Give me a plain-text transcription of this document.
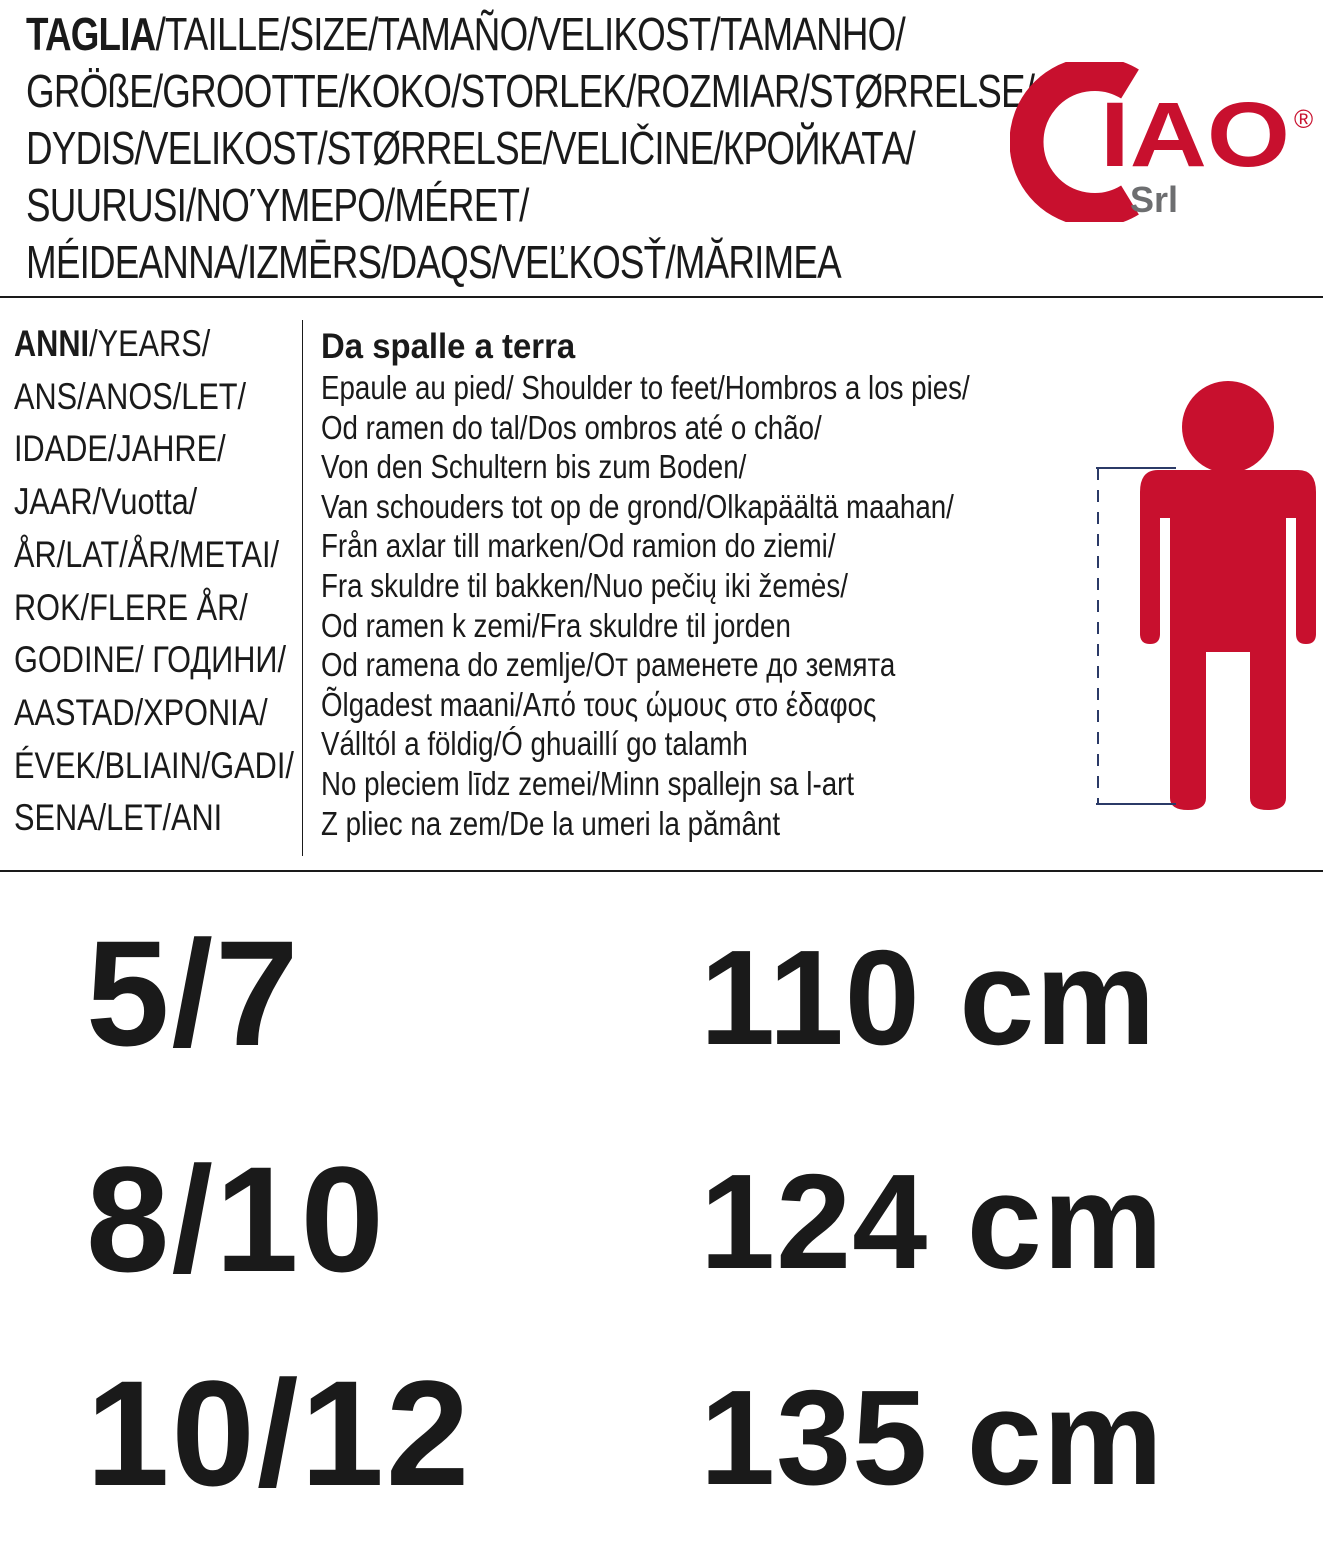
TAGLIA/TAILLE/SIZE/TAMAÑO/VELIKOST/TAMANHO/
GRÖßE/GROOTTE/KOKO/STORLEK/ROZMIAR/STØRRELSE/
DYDIS/VELIKOST/STØRRELSE/VELIČINE/КРОЙКАТА/
SUURUSI/ΝΟΎΜΕΡΟ/MÉRET/
MÉIDEANNA/IZMĒRS/DAQS/VEĽKOSŤ/MĂRIMEA
IAO
Srl
®
ANNI/YEARS/
ANS/ANOS/LET/
IDADE/JAHRE/
JAAR/Vuotta/
ÅR/LAT/ÅR/METAI/
ROK/FLERE ÅR/
GODINE/ ГОДИНИ/
AASTAD/XPONIA/
ÉVEK/BLIAIN/GADI/
SENA/LET/ANI
Da spalle a terra
Epaule au pied/ Shoulder to feet/Hombros a los pies/
Od ramen do tal/Dos ombros até o chão/
Von den Schultern bis zum Boden/
Van schouders tot op de grond/Olkapäältä maahan/
Från axlar till marken/Od ramion do ziemi/
Fra skuldre til bakken/Nuo pečių iki žemės/
Od ramen k zemi/Fra skuldre til jorden
Od ramena do zemlje/От раменете до земята
Õlgadest maani/Από τους ώμους στο έδαφος
Válltól a földig/Ó ghuaillí go talamh
No pleciem līdz zemei/Minn spallejn sa l-art
Z pliec na zem/De la umeri la pământ
5/7	110 cm
8/10 124 cm
10/12 135 cm
